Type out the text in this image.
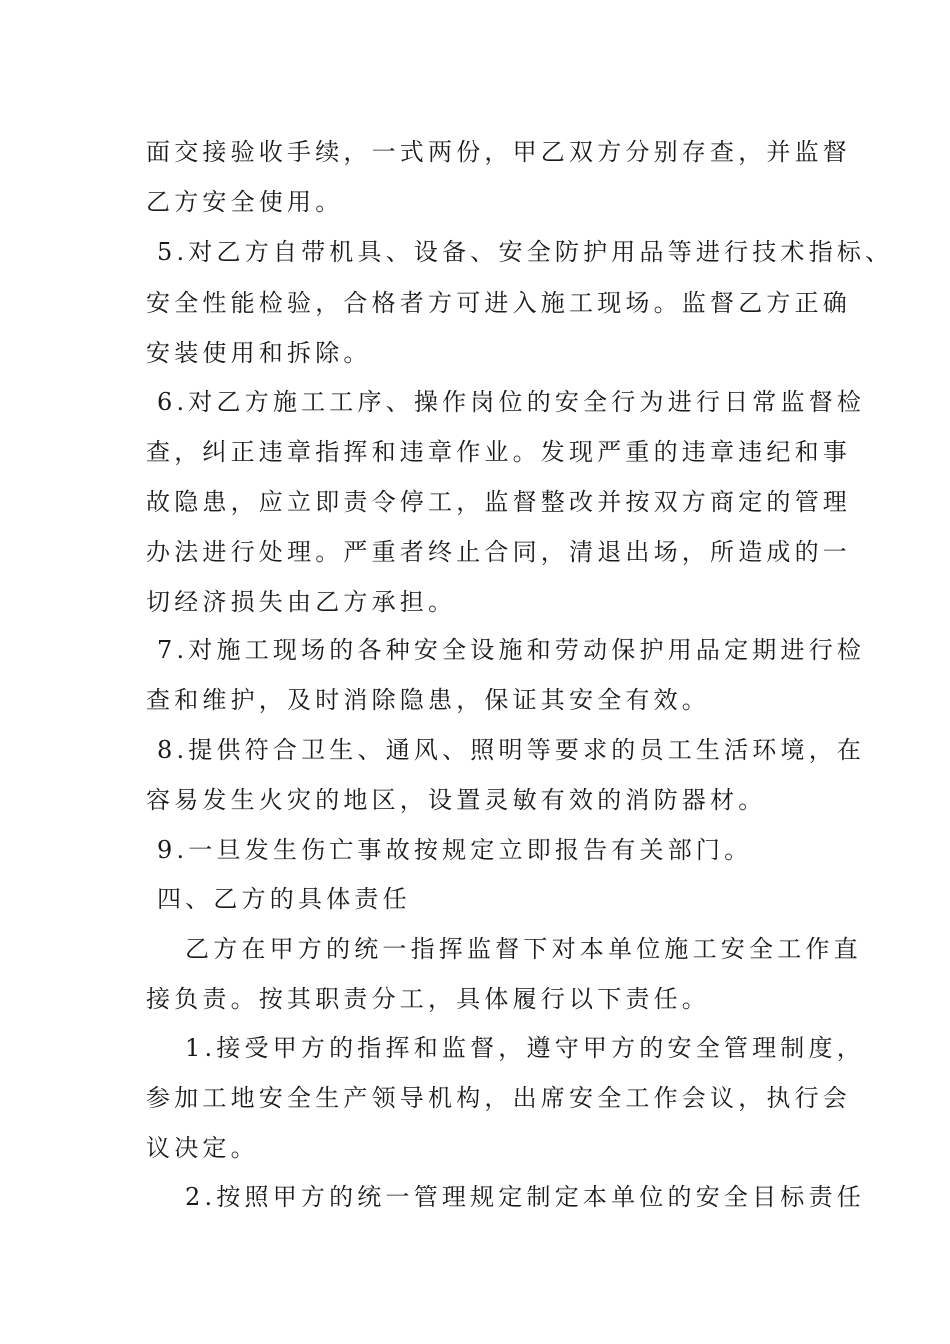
面交接验收手续，一式两份，甲乙双方分别存查，并监督
乙方安全使用。
5.对乙方自带机具、设备、安全防护用品等进行技术指标、
安全性能检验，合格者方可进入施工现场。监督乙方正确
安装使用和拆除。
6.对乙方施工工序、操作岗位的安全行为进行日常监督检
查，纠正违章指挥和违章作业。发现严重的违章违纪和事
故隐患，应立即责令停工，监督整改并按双方商定的管理
办法进行处理。严重者终止合同，清退出场，所造成的一
切经济损失由乙方承担。
7.对施工现场的各种安全设施和劳动保护用品定期进行检
查和维护，及时消除隐患，保证其安全有效。
8.提供符合卫生、通风、照明等要求的员工生活环境，在
容易发生火灾的地区，设置灵敏有效的消防器材。
9.一旦发生伤亡事故按规定立即报告有关部门。
四、乙方的具体责任
乙方在甲方的统一指挥监督下对本单位施工安全工作直
接负责。按其职责分工，具体履行以下责任。
1.接受甲方的指挥和监督，遵守甲方的安全管理制度，
参加工地安全生产领导机构，出席安全工作会议，执行会
议决定。
2.按照甲方的统一管理规定制定本单位的安全目标责任
